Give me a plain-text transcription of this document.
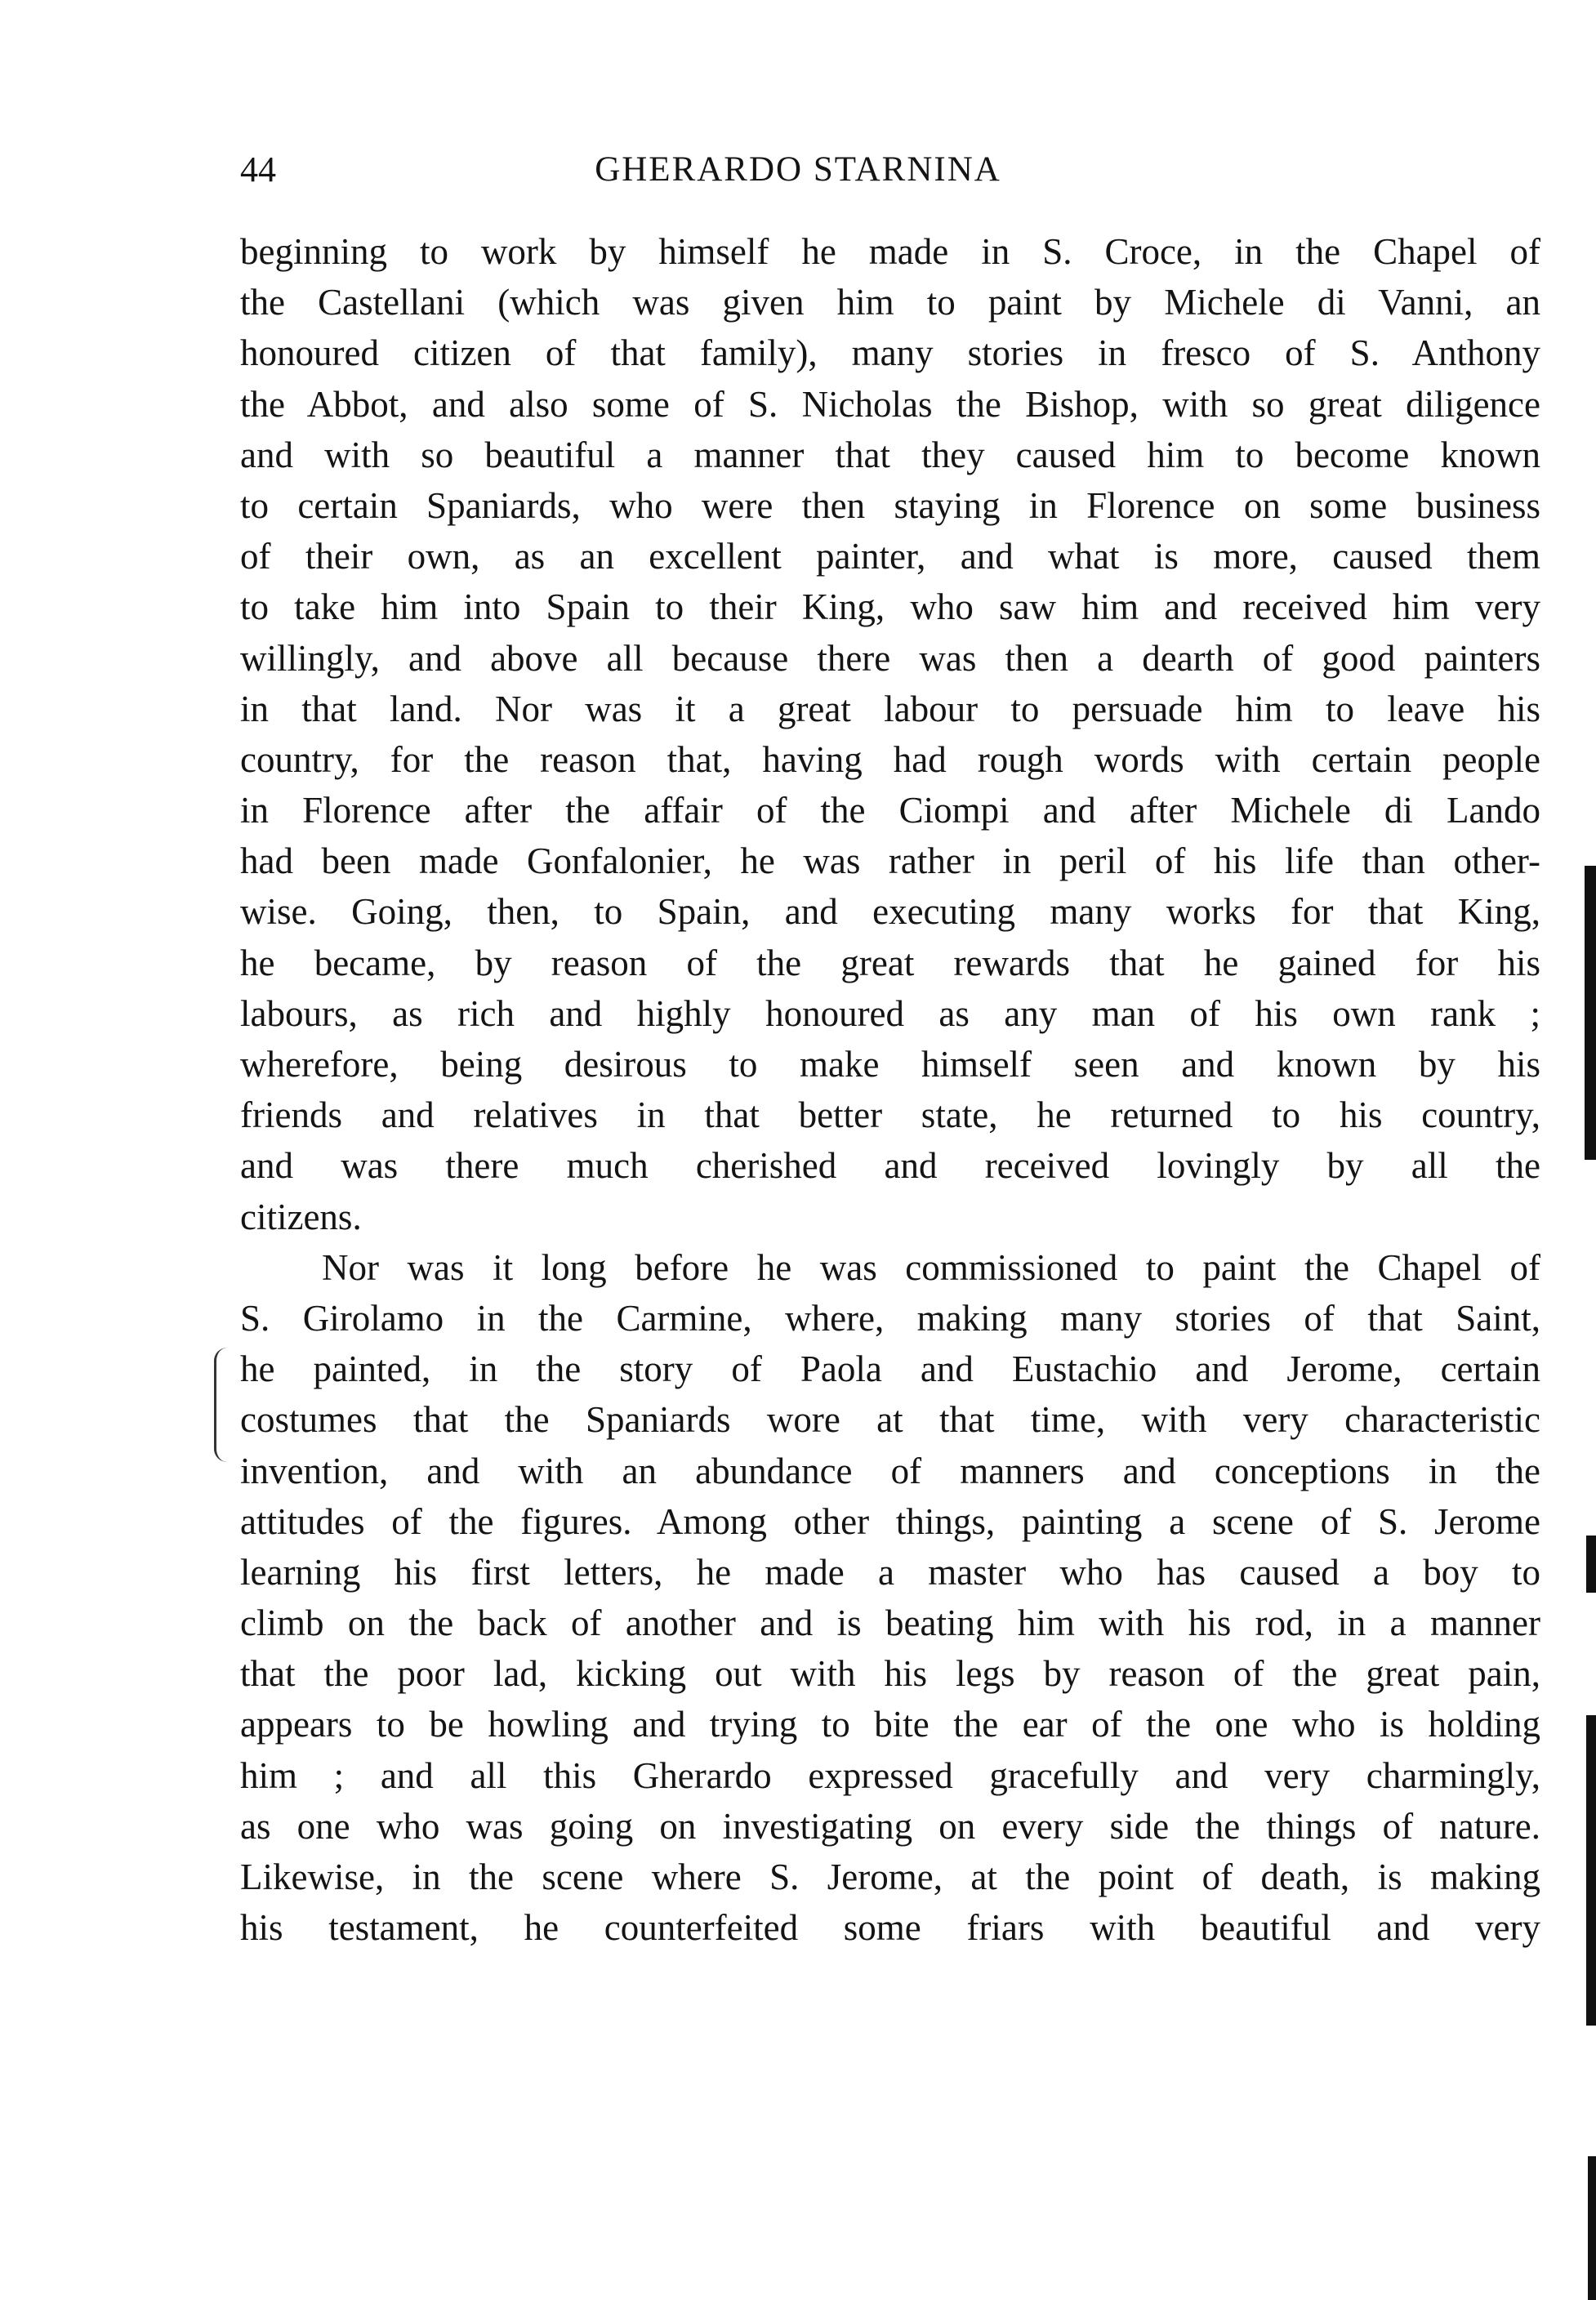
44	GHERARDO STARNINA
beginning to work by himself he made in S. Croce, in the Chapel of
the Castellani (which was given him to paint by Michele di Vanni, an
honoured citizen of that family), many stories in fresco of S. Anthony
the Abbot, and also some of S. Nicholas the Bishop, with so great diligence
and with so beautiful a manner that they caused him to become known
to certain Spaniards, who were then staying in Florence on some business
of their own, as an excellent painter, and what is more, caused them
to take him into Spain to their King, who saw him and received him very
willingly, and above all because there was then a dearth of good painters
in that land. Nor was it a great labour to persuade him to leave his
country, for the reason that, having had rough words with certain people
in Florence after the affair of the Ciompi and after Michele di Lando
had been made Gonfalonier, he was rather in peril of his life than other-
wise. Going, then, to Spain, and executing many works for that King,
he became, by reason of the great rewards that he gained for his
labours, as rich and highly honoured as any man of his own rank ;
wherefore, being desirous to make himself seen and known by his
friends and relatives in that better state, he returned to his country,
and was there much cherished and received lovingly by all the
citizens.
Nor was it long before he was commissioned to paint the Chapel of
S. Girolamo in the Carmine, where, making many stories of that Saint,
he painted, in the story of Paola and Eustachio and Jerome, certain
costumes that the Spaniards wore at that time, with very characteristic
invention, and with an abundance of manners and conceptions in the
attitudes of the figures. Among other things, painting a scene of S. Jerome
learning his first letters, he made a master who has caused a boy to
climb on the back of another and is beating him with his rod, in a manner
that the poor lad, kicking out with his legs by reason of the great pain,
appears to be howling and trying to bite the ear of the one who is holding
him ; and all this Gherardo expressed gracefully and very charmingly,
as one who was going on investigating on every side the things of nature.
Likewise, in the scene where S. Jerome, at the point of death, is making
his testament, he counterfeited some friars with beautiful and very
